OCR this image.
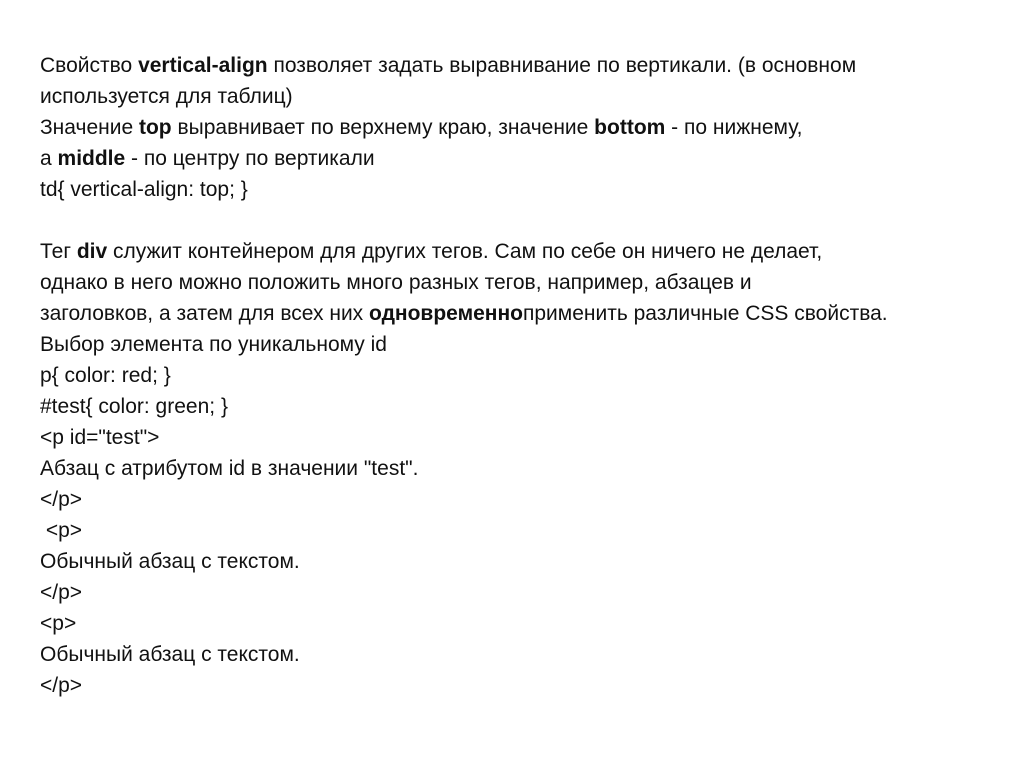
Свойство vertical-align позволяет задать выравнивание по вертикали. (в основном
используется для таблиц)
Значение top выравнивает по верхнему краю, значение bottom - по нижнему,
а middle - по центру по вертикали
td{ vertical-align: top; }
Тег div служит контейнером для других тегов. Сам по себе он ничего не делает,
однако в него можно положить много разных тегов, например, абзацев и
заголовков, а затем для всех них одновременноприменить различные CSS свойства.
Выбор элемента по уникальному id
p{ color: red; }
#test{ color: green; }
<p id="test">
Абзац с атрибутом id в значении "test".
</p>
<p>
Обычный абзац с текстом.
</p>
<p>
Обычный абзац с текстом.
</p>
